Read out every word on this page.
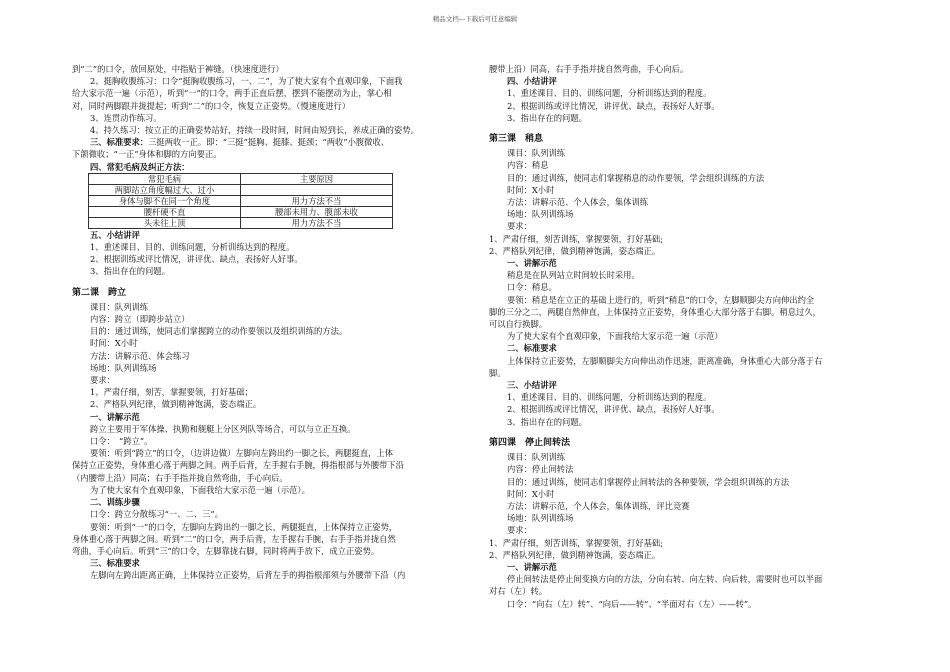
精品文档---下载后可任意编辑
到“二”的口令，放回原处，中指贴于裤缝。（快速度进行）
2、挺胸收腹练习：口令“挺胸收腹练习，一、二”，为了使大家有个直观印象，下面我
给大家示范一遍（示范），听到“一”的口令，两手正直后摆，摆到不能摆动为止，掌心相
对，同时两脚跟并拢提起；听到“二”的口令，恢复立正姿势。（慢速度进行）
3、连贯动作练习。
4、持久练习：按立正的正确姿势站好，持续一段时间，时间由短到长，养成正确的姿势。
三、标准要求：三挺两收一正。即：“三挺”挺胸、挺膝、挺颈；“两收”小腹微收、
下颌微收；“一正”身体和脚的方向要正。
四、常犯毛病及纠正方法：
常犯毛病	主要原因
两脚站立角度幅过大、过小	
身体与脚不在同一个角度	用力方法不当
腰杆硬不直	腰部未用力、腹部未收
头未往上顶	用力方法不当
五、小结讲评
1、重述课目、目的、训练问题，分析训练达到的程度。
2、根据训练或评比情况，讲评优、缺点，表扬好人好事。
3、指出存在的问题。
第二课　跨立
课目：队列训练
内容：跨立（即跨步站立）
目的：通过训练，使同志们掌握跨立的动作要领以及组织训练的方法。
时间：X小时
方法：讲解示范、体会练习
场地：队列训练场
要求：
1、严肃仔细，刻苦，掌握要领，打好基础；
2、严格队列纪律，做到精神饱满，姿态端正。
一、讲解示范
跨立主要用于军体操、执勤和舰艇上分区列队等场合，可以与立正互换。
口令：　“跨立”。
要领：听到“跨立”的口令，（边讲边做）左脚向左跨出约一脚之长，两腿挺直，上体
保持立正姿势，身体重心落于两脚之间。两手后背，左手握右手腕，拇指根部与外腰带下沿
（内腰带上沿）同高；右手手指并拢自然弯曲，手心向后。
为了使大家有个直观印象，下面我给大家示范一遍（示范）。
二、训练步骤
口令：跨立分散练习“一、二、三”。
要领：听到“一”的口令，左脚向左跨出约一脚之长，两腿挺直，上体保持立正姿势，
身体重心落于两脚之间。听到“二”的口令，两手后背，左手握右手腕，右手手指并拢自然
弯曲，手心向后。听到“三”的口令，左脚靠拢右脚，同时将两手放下，成立正姿势。
三、标准要求
左脚向左跨出距离正确，上体保持立正姿势，后背左手的拇指根部须与外腰带下沿（内
腰带上沿）同高，右手手指并拢自然弯曲，手心向后。
四、小结讲评
1、重述课目、目的、训练问题，分析训练达到的程度。
2、根据训练或评比情况，讲评优、缺点，表扬好人好事。
3、指出存在的问题。
第三课　稍息
课目：队列训练
内容：稍息
目的：通过训练，使同志们掌握稍息的动作要领，学会组织训练的方法
时间：X小时
方法：讲解示范、个人体会，集体训练
场地：队列训练场
要求：
1、严肃仔细，刻苦训练，掌握要领，打好基础;
2、严格队列纪律，做到精神饱满，姿态端正。
一、讲解示范
稍息是在队列站立时间较长时采用。
口令：稍息。
要领：稍息是在立正的基础上进行的，听到“稍息”的口令，左脚顺脚尖方向伸出约全
脚的三分之二，两腿自然伸直，上体保持立正姿势，身体重心大部分落于右脚。稍息过久，
可以自行换脚。
为了使大家有个直观印象，下面我给大家示范一遍（示范）
二、标准要求
上体保持立正姿势，左脚顺脚尖方向伸出动作迅速，距离准确，身体重心大部分落于右
脚。
三、小结讲评
1、重述课目、目的、训练问题，分析训练达到的程度。
2、根据训练或评比情况，讲评优、缺点，表扬好人好事。
3、指出存在的问题。
第四课　停止间转法
课目：队列训练
内容：停止间转法
目的：通过训练，使同志们掌握停止间转法的各种要领，学会组织训练的方法
时间：X小时
方法：讲解示范，个人体会，集体训练，评比竞赛
场地：队列训练场
要求：
1、严肃仔细，刻苦训练，掌握要领，打好基础;
2、严格队列纪律，做到精神饱满，姿态端正。
一、讲解示范
停止间转法是停止间变换方向的方法，分向右转、向左转、向后转，需要时也可以半面
对右（左）转。
口令：“向右（左）转”、“向后——转”、“半面对右（左）——转”。
